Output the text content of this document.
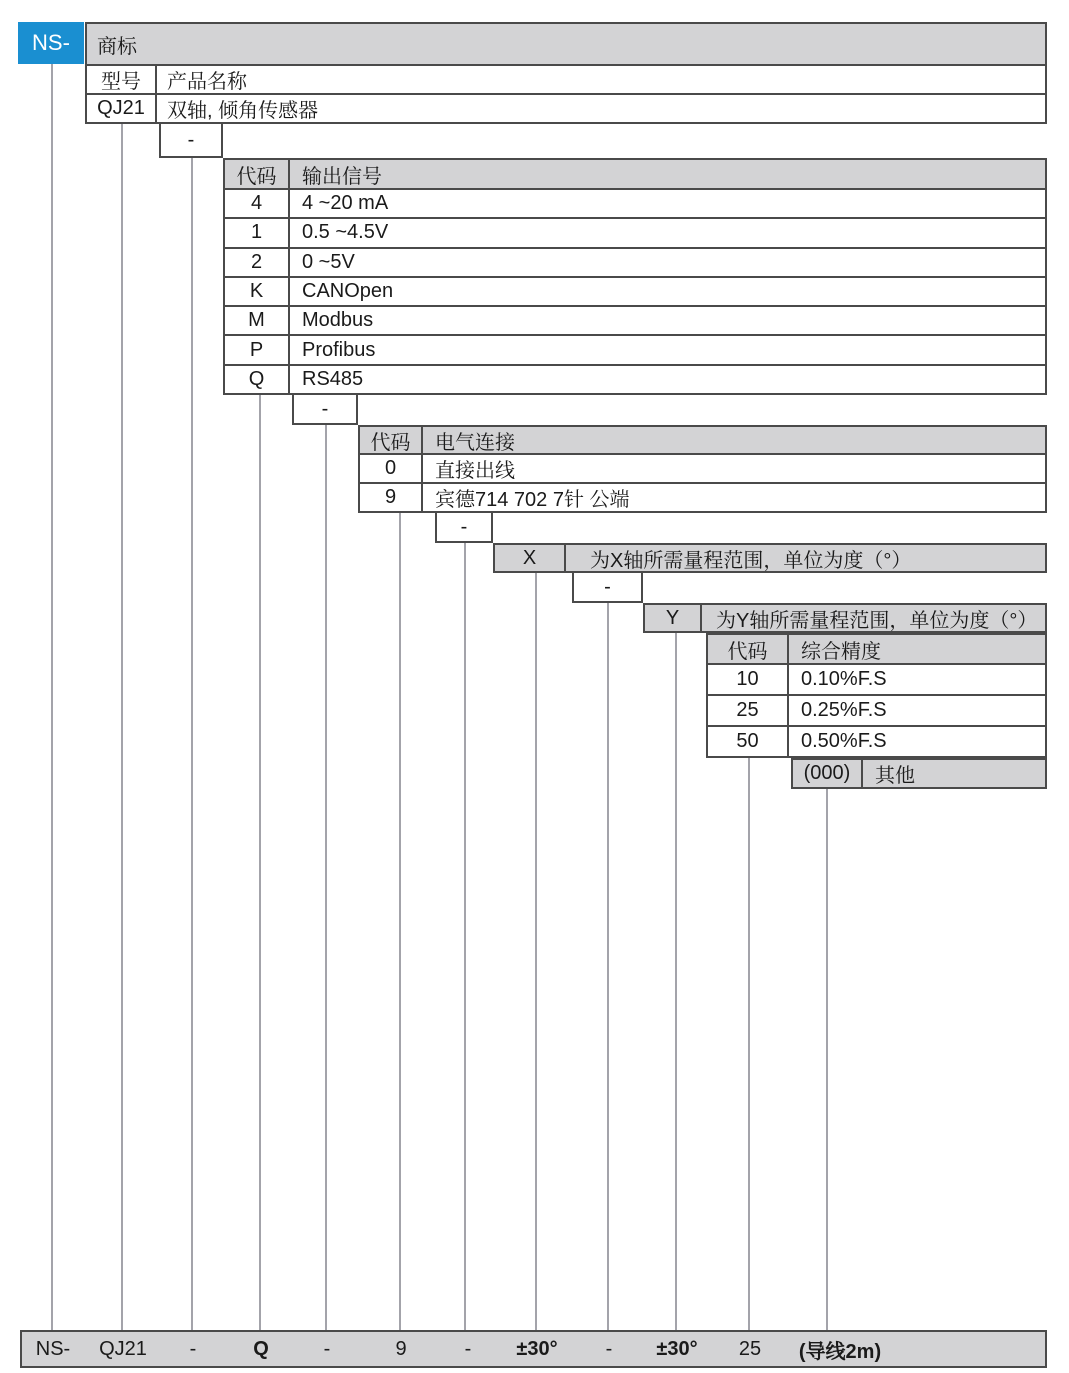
NS-	商标
型号	产品名称
QJ21	双轴, 倾角传感器
-
代码	输出信号
4	4 ~20 mA
1	0.5 ~4.5V
2	0 ~5V
K	CANOpen
M	Modbus
P	Profibus
Q	RS485
-
代码	电气连接
0	直接出线
9	宾德714 702 7针 公端
-
X	为X轴所需量程范围，单位为度（°）
-
Y	为Y轴所需量程范围，单位为度（°）
代码	综合精度
10	0.10%F.S
25	0.25%F.S
50	0.50%F.S
(000)	其他
NS- QJ21 -	Q	-	9	- ±30° - ±30° 25 (导线2m)
